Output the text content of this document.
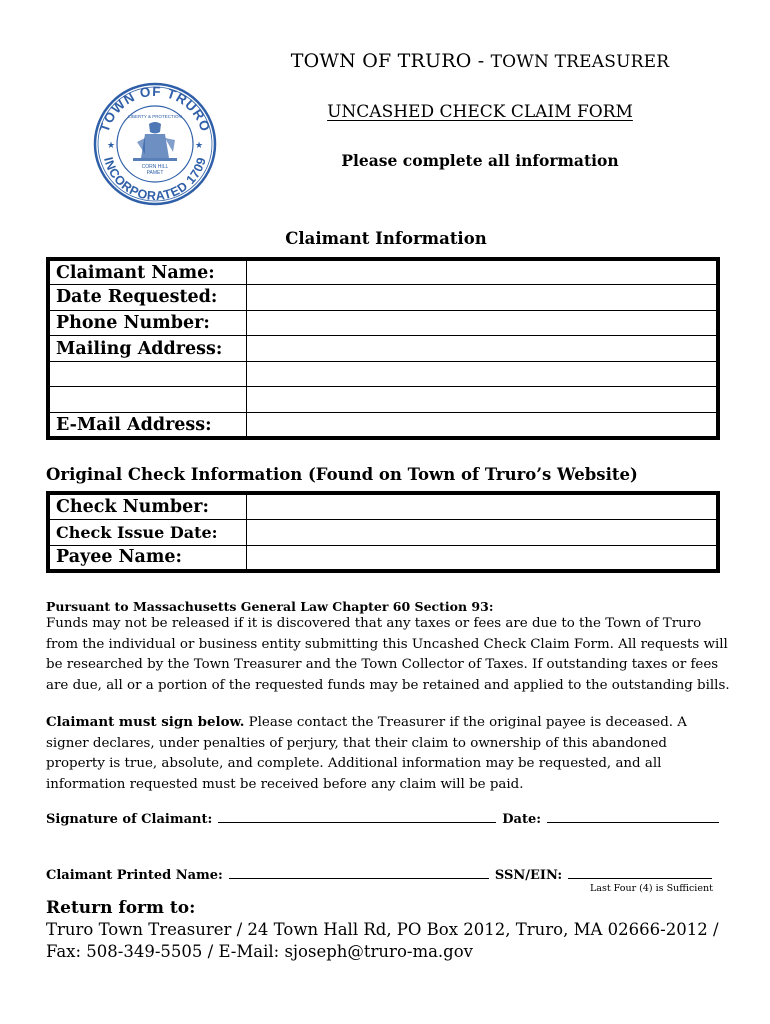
TOWN OF TRURO
INCORPORATED 1709
★	★
LIBERTY & PROTECTION
CORN HILL
PAMET
TOWN OF TRURO - TOWN TREASURER
UNCASHED CHECK CLAIM FORM
Please complete all information
Claimant Information
Claimant Name:	
Date Requested:	
Phone Number:	
Mailing Address:	

E-Mail Address:	
Original Check Information (Found on Town of Truro’s Website)
Check Number:	
Check Issue Date:	
Payee Name:	
Pursuant to Massachusetts General Law Chapter 60 Section 93:
Funds may not be released if it is discovered that any taxes or fees are due to the Town of Truro from the individual or business entity submitting this Uncashed Check Claim Form. All requests will be researched by the Town Treasurer and the Town Collector of Taxes. If outstanding taxes or fees are due, all or a portion of the requested funds may be retained and applied to the outstanding bills.
Claimant must sign below. Please contact the Treasurer if the original payee is deceased. A signer declares, under penalties of perjury, that their claim to ownership of this abandoned property is true, absolute, and complete. Additional information may be requested, and all information requested must be received before any claim will be paid.
Signature of Claimant:	Date:
Claimant Printed Name:	SSN/EIN:
Last Four (4) is Sufficient
Return form to:
Truro Town Treasurer / 24 Town Hall Rd, PO Box 2012, Truro, MA 02666-2012 /
Fax: 508-349-5505 / E-Mail: sjoseph@truro-ma.gov
